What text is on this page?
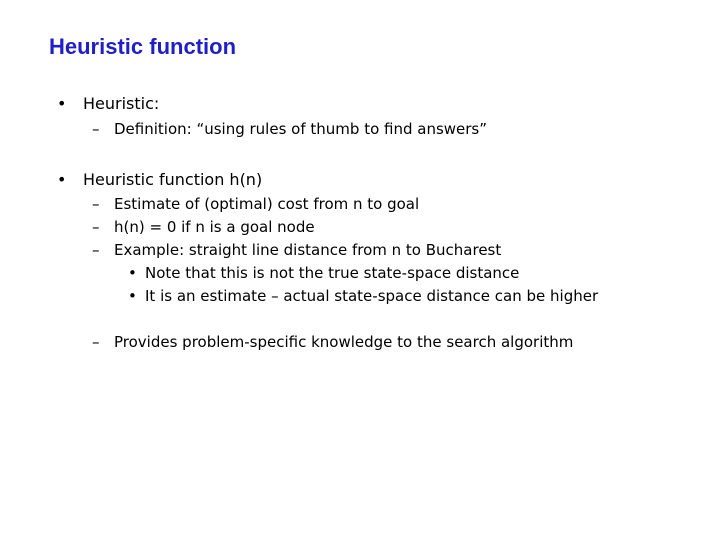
Heuristic function
• Heuristic:
– Definition: “using rules of thumb to find answers”
• Heuristic function h(n)
– Estimate of (optimal) cost from n to goal
– h(n) = 0 if n is a goal node
– Example: straight line distance from n to Bucharest
• Note that this is not the true state-space distance
• It is an estimate – actual state-space distance can be higher
– Provides problem-specific knowledge to the search algorithm
